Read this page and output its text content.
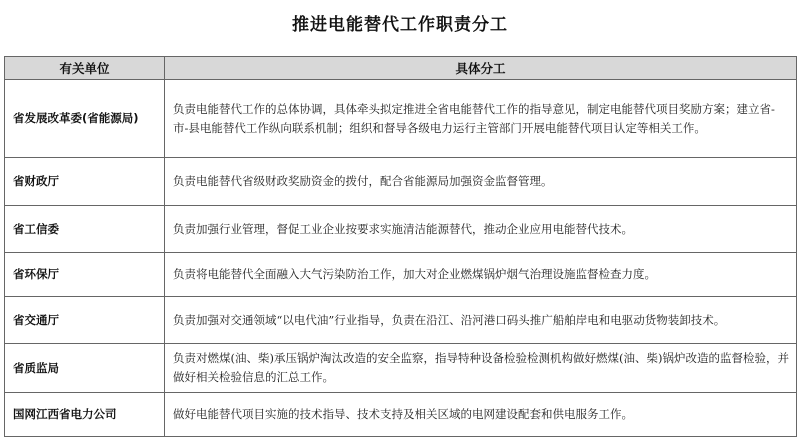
推进电能替代工作职责分工
有关单位	具体分工
省发展改革委(省能源局)	负责电能替代工作的总体协调，具体牵头拟定推进全省电能替代工作的指导意见，制定电能替代项目奖励方案；建立省-市-县电能替代工作纵向联系机制；组织和督导各级电力运行主管部门开展电能替代项目认定等相关工作。
省财政厅	负责电能替代省级财政奖励资金的拨付，配合省能源局加强资金监督管理。
省工信委	负责加强行业管理，督促工业企业按要求实施清洁能源替代，推动企业应用电能替代技术。
省环保厅	负责将电能替代全面融入大气污染防治工作，加大对企业燃煤锅炉烟气治理设施监督检查力度。
省交通厅	负责加强对交通领域“以电代油”行业指导，负责在沿江、沿河港口码头推广船舶岸电和电驱动货物装卸技术。
省质监局	负责对燃煤(油、柴)承压锅炉淘汰改造的安全监察，指导特种设备检验检测机构做好燃煤(油、柴)锅炉改造的监督检验，并做好相关检验信息的汇总工作。
国网江西省电力公司	做好电能替代项目实施的技术指导、技术支持及相关区域的电网建设配套和供电服务工作。
